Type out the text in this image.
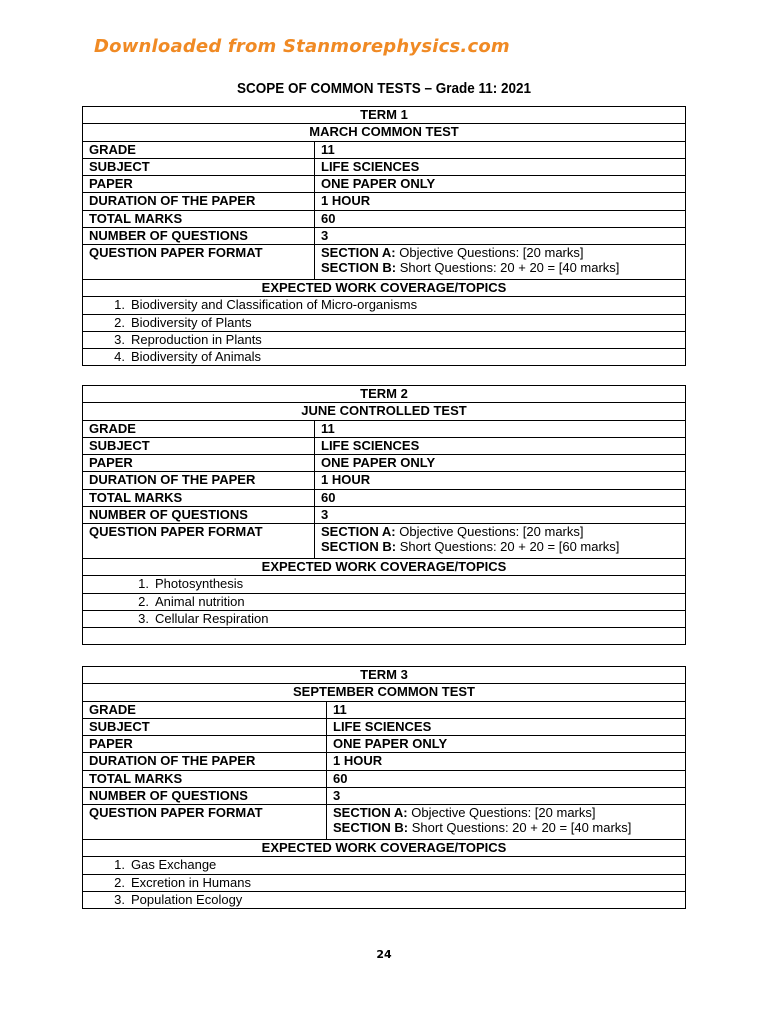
Downloaded from Stanmorephysics.com
SCOPE OF COMMON TESTS – Grade 11: 2021
TERM 1	
MARCH COMMON TEST	
GRADE	11
SUBJECT	LIFE SCIENCES
PAPER	ONE PAPER ONLY
DURATION OF THE PAPER	1 HOUR
TOTAL MARKS	60
NUMBER OF QUESTIONS	3
QUESTION PAPER FORMAT	SECTION A: Objective Questions: [20 marks]
SECTION B: Short Questions: 20 + 20 = [40 marks]

EXPECTED WORK COVERAGE/TOPICS	
1. Biodiversity and Classification of Micro-organisms	
2. Biodiversity of Plants	
3. Reproduction in Plants	
4. Biodiversity of Animals	
TERM 2	
JUNE CONTROLLED TEST	
GRADE	11
SUBJECT	LIFE SCIENCES
PAPER	ONE PAPER ONLY
DURATION OF THE PAPER	1 HOUR
TOTAL MARKS	60
NUMBER OF QUESTIONS	3
QUESTION PAPER FORMAT	SECTION A: Objective Questions: [20 marks]
SECTION B: Short Questions: 20 + 20 = [60 marks]

EXPECTED WORK COVERAGE/TOPICS	
1. Photosynthesis	
2. Animal nutrition	
3. Cellular Respiration	

TERM 3	
SEPTEMBER COMMON TEST	
GRADE	11
SUBJECT	LIFE SCIENCES
PAPER	ONE PAPER ONLY
DURATION OF THE PAPER	1 HOUR
TOTAL MARKS	60
NUMBER OF QUESTIONS	3
QUESTION PAPER FORMAT	SECTION A: Objective Questions: [20 marks]
SECTION B: Short Questions: 20 + 20 = [40 marks]

EXPECTED WORK COVERAGE/TOPICS	
1. Gas Exchange	
2. Excretion in Humans	
3. Population Ecology	
24
